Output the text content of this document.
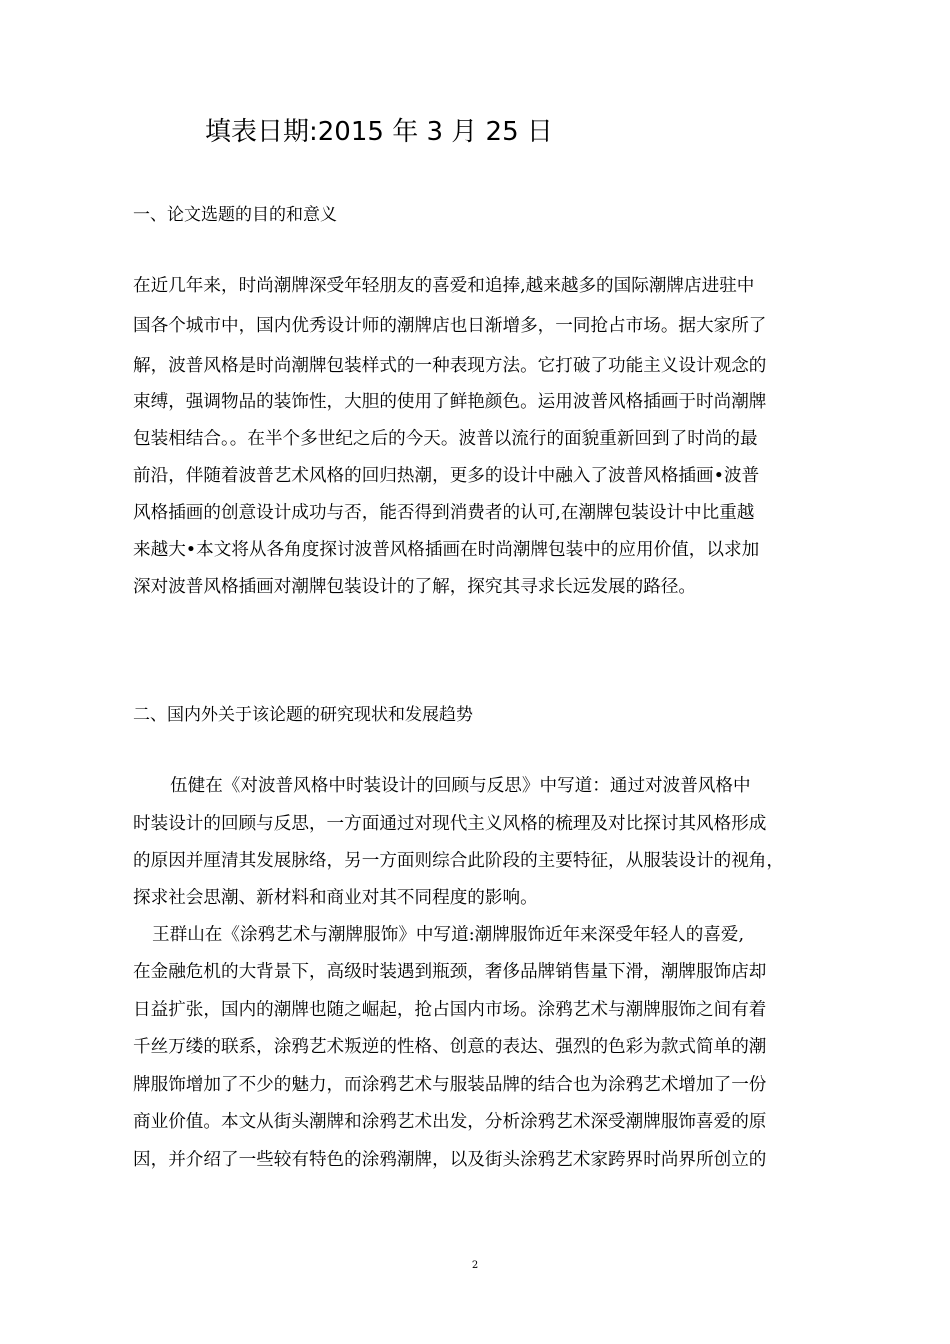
填表日期:2015 年 3 月 25 日
一、论文选题的目的和意义
在近几年来，时尚潮牌深受年轻朋友的喜爱和追捧,越来越多的国际潮牌店进驻中
国各个城市中，国内优秀设计师的潮牌店也日渐增多，一同抢占市场。据大家所了
解，波普风格是时尚潮牌包装样式的一种表现方法。它打破了功能主义设计观念的
束缚，强调物品的装饰性，大胆的使用了鲜艳颜色。运用波普风格插画于时尚潮牌
包装相结合。。在半个多世纪之后的今天。波普以流行的面貌重新回到了时尚的最
前沿，伴随着波普艺术风格的回归热潮，更多的设计中融入了波普风格插画•波普
风格插画的创意设计成功与否，能否得到消费者的认可,在潮牌包装设计中比重越
来越大•本文将从各角度探讨波普风格插画在时尚潮牌包装中的应用价值，以求加
深对波普风格插画对潮牌包装设计的了解，探究其寻求长远发展的路径。
二、国内外关于该论题的研究现状和发展趋势
伍健在《对波普风格中时装设计的回顾与反思》中写道：通过对波普风格中
时装设计的回顾与反思，一方面通过对现代主义风格的梳理及对比探讨其风格形成
的原因并厘清其发展脉络，另一方面则综合此阶段的主要特征，从服装设计的视角，
探求社会思潮、新材料和商业对其不同程度的影响。
王群山在《涂鸦艺术与潮牌服饰》中写道:潮牌服饰近年来深受年轻人的喜爱,
在金融危机的大背景下，高级时装遇到瓶颈，奢侈品牌销售量下滑，潮牌服饰店却
日益扩张，国内的潮牌也随之崛起，抢占国内市场。涂鸦艺术与潮牌服饰之间有着
千丝万缕的联系，涂鸦艺术叛逆的性格、创意的表达、强烈的色彩为款式简单的潮
牌服饰增加了不少的魅力，而涂鸦艺术与服装品牌的结合也为涂鸦艺术增加了一份
商业价值。本文从街头潮牌和涂鸦艺术出发，分析涂鸦艺术深受潮牌服饰喜爱的原
因，并介绍了一些较有特色的涂鸦潮牌，以及街头涂鸦艺术家跨界时尚界所创立的
2
